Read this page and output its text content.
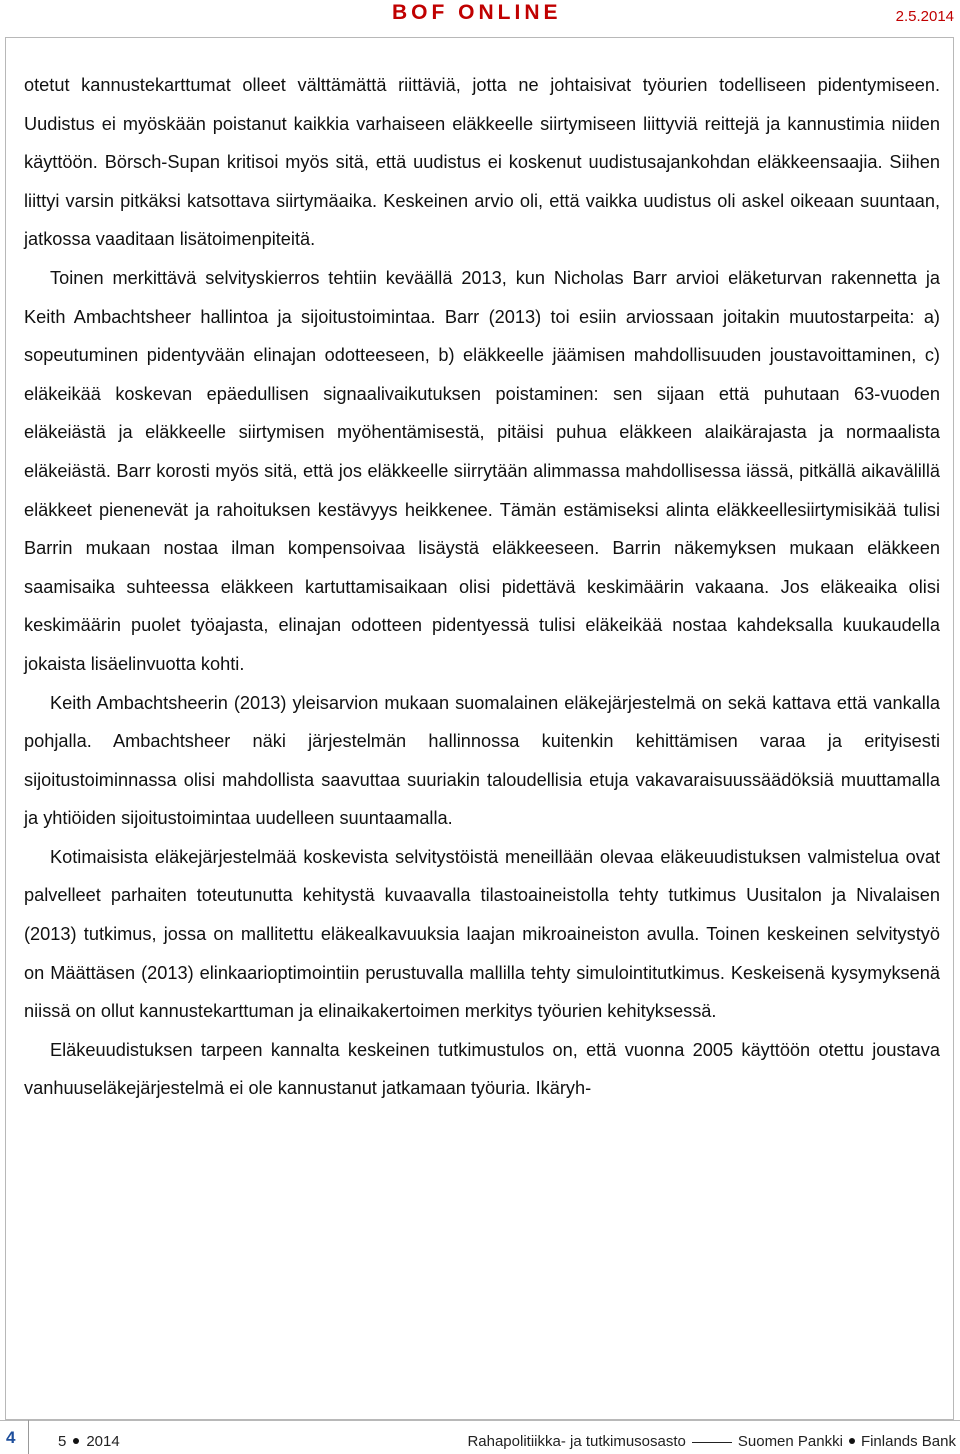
BOF ONLINE	2.5.2014

otetut kannustekarttumat olleet välttämättä riittäviä, jotta ne johtaisivat työurien todelliseen pidentymiseen. Uudistus ei myöskään poistanut kaikkia varhaiseen eläkkeelle siirtymiseen liittyviä reittejä ja kannustimia niiden käyttöön. Börsch-Supan kritisoi myös sitä, että uudistus ei koskenut uudistusajankohdan eläkkeensaajia. Siihen liittyi varsin pitkäksi katsottava siirtymäaika. Keskeinen arvio oli, että vaikka uudistus oli askel oikeaan suuntaan, jatkossa vaaditaan lisätoimenpiteitä.

Toinen merkittävä selvityskierros tehtiin keväällä 2013, kun Nicholas Barr arvioi eläketurvan rakennetta ja Keith Ambachtsheer hallintoa ja sijoitustoimintaa. Barr (2013) toi esiin arviossaan joitakin muutostarpeita: a) sopeutuminen pidentyvään elinajan odotteeseen, b) eläkkeelle jäämisen mahdollisuuden joustavoittaminen, c) eläkeikää koskevan epäedullisen signaalivaikutuksen poistaminen: sen sijaan että puhutaan 63-vuoden eläkeiästä ja eläkkeelle siirtymisen myöhentämisestä, pitäisi puhua eläkkeen alaikärajasta ja normaalista eläkeiästä. Barr korosti myös sitä, että jos eläkkeelle siirrytään alimmassa mahdollisessa iässä, pitkällä aikavälillä eläkkeet pienenevät ja rahoituksen kestävyys heikkenee. Tämän estämiseksi alinta eläkkeellesiirtymisikää tulisi Barrin mukaan nostaa ilman kompensoivaa lisäystä eläkkeeseen. Barrin näkemyksen mukaan eläkkeen saamisaika suhteessa eläkkeen kartuttamisaikaan olisi pidettävä keskimäärin vakaana. Jos eläkeaika olisi keskimäärin puolet työajasta, elinajan odotteen pidentyessä tulisi eläkeikää nostaa kahdeksalla kuukaudella jokaista lisäelinvuotta kohti.

Keith Ambachtsheerin (2013) yleisarvion mukaan suomalainen eläkejärjestelmä on sekä kattava että vankalla pohjalla. Ambachtsheer näki järjestelmän hallinnossa kuitenkin kehittämisen varaa ja erityisesti sijoitustoiminnassa olisi mahdollista saavuttaa suuriakin taloudellisia etuja vakavaraisuussäädöksiä muuttamalla ja yhtiöiden sijoitustoimintaa uudelleen suuntaamalla.

Kotimaisista eläkejärjestelmää koskevista selvitystöistä meneillään olevaa eläkeuudistuksen valmistelua ovat palvelleet parhaiten toteutunutta kehitystä kuvaavalla tilastoaineistolla tehty tutkimus Uusitalon ja Nivalaisen (2013) tutkimus, jossa on mallitettu eläkealkavuuksia laajan mikroaineiston avulla. Toinen keskeinen selvitystyö on Määttäsen (2013) elinkaarioptimointiin perustuvalla mallilla tehty simulointitutkimus. Keskeisenä kysymyksenä niissä on ollut kannustekarttuman ja elinaikakertoimen merkitys työurien kehityksessä.

Eläkeuudistuksen tarpeen kannalta keskeinen tutkimustulos on, että vuonna 2005 käyttöön otettu joustava vanhuuseläkejärjestelmä ei ole kannustanut jatkamaan työuria. Ikäryh-

4	5 2014	Rahapolitiikka- ja tutkimusosasto	Suomen Pankki Finlands Bank
